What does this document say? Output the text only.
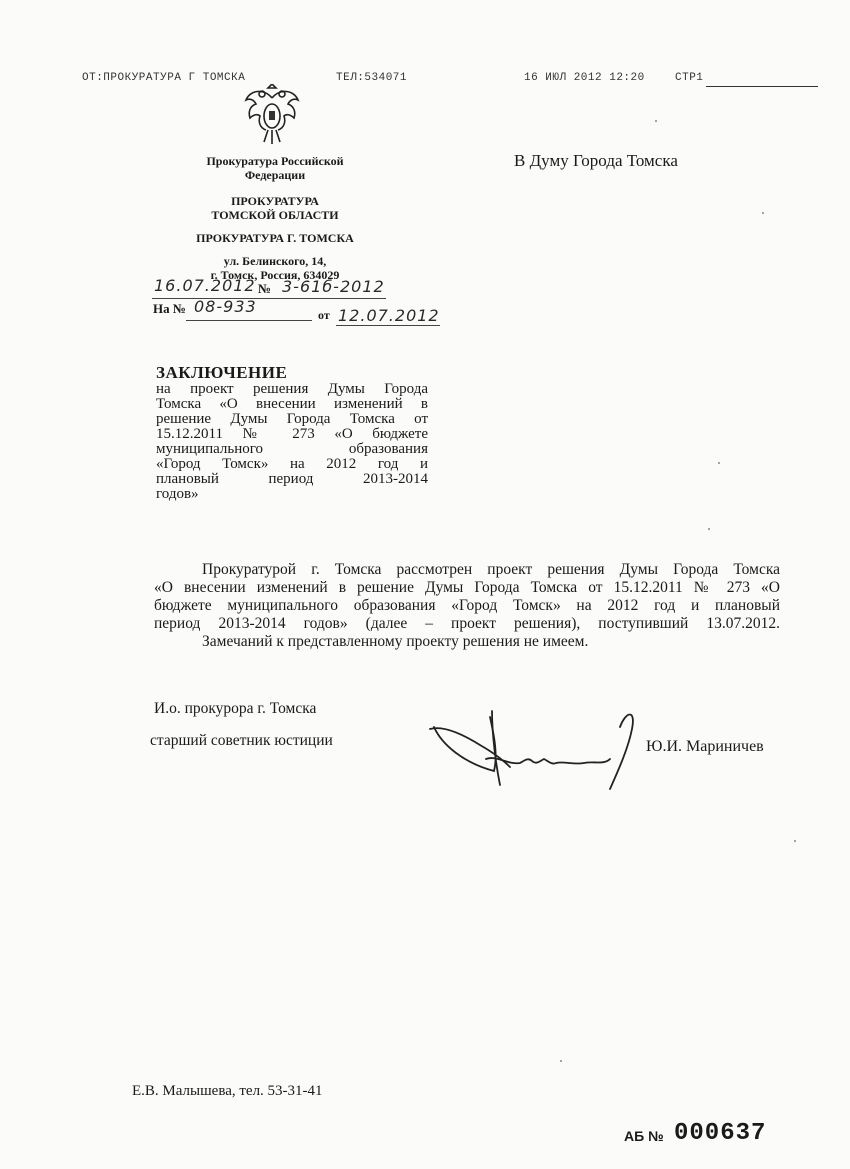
ОТ:ПРОКУРАТУРА Г ТОМСКА	ТЕЛ:534071	16 ИЮЛ 2012 12:20	СТР1
Прокуратура Российской
Федерации
ПРОКУРАТУРА
ТОМСКОЙ ОБЛАСТИ
ПРОКУРАТУРА Г. ТОМСКА
ул. Белинского, 14,
г. Томск, Россия, 634029
16.07.2012 № 3-61б-2012
На № 08-933	от 12.07.2012
В Думу Города Томска
ЗАКЛЮЧЕНИЕ
на проект решения Думы Города
Томска «О внесении изменений в
решение Думы Города Томска от
15.12.2011 № 273 «О бюджете
муниципального образования
«Город Томск» на 2012 год и
плановый период 2013-2014
годов»
Прокуратурой г. Томска рассмотрен проект решения Думы Города Томска
«О внесении изменений в решение Думы Города Томска от 15.12.2011 № 273 «О
бюджете муниципального образования «Город Томск» на 2012 год и плановый
период 2013-2014 годов» (далее – проект решения), поступивший 13.07.2012.
Замечаний к представленному проекту решения не имеем.
И.о. прокурора г. Томска
старший советник юстиции	Ю.И. Мариничев
Е.В. Малышева, тел. 53-31-41
АБ № 000637
